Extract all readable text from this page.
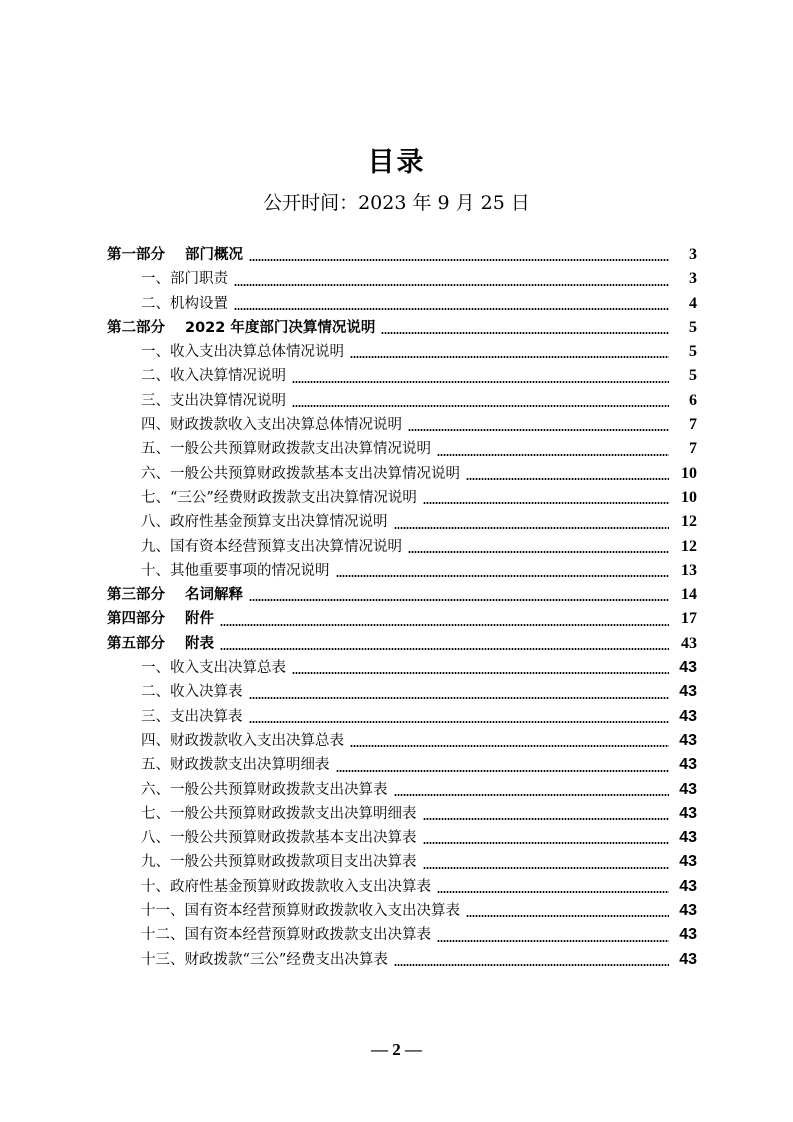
目录
公开时间：2023 年 9 月 25 日
第一部分 部门概况	3
一、部门职责	3
二、机构设置	4
第二部分 2022 年度部门决算情况说明	5
一、收入支出决算总体情况说明	5
二、收入决算情况说明	5
三、支出决算情况说明	6
四、财政拨款收入支出决算总体情况说明	7
五、一般公共预算财政拨款支出决算情况说明	7
六、一般公共预算财政拨款基本支出决算情况说明	10
七、“三公”经费财政拨款支出决算情况说明	10
八、政府性基金预算支出决算情况说明	12
九、国有资本经营预算支出决算情况说明	12
十、其他重要事项的情况说明	13
第三部分 名词解释	14
第四部分 附件	17
第五部分 附表	43
一、收入支出决算总表	43
二、收入决算表	43
三、支出决算表	43
四、财政拨款收入支出决算总表	43
五、财政拨款支出决算明细表	43
六、一般公共预算财政拨款支出决算表	43
七、一般公共预算财政拨款支出决算明细表	43
八、一般公共预算财政拨款基本支出决算表	43
九、一般公共预算财政拨款项目支出决算表	43
十、政府性基金预算财政拨款收入支出决算表	43
十一、国有资本经营预算财政拨款收入支出决算表	43
十二、国有资本经营预算财政拨款支出决算表	43
十三、财政拨款“三公”经费支出决算表	43
— 2 —
